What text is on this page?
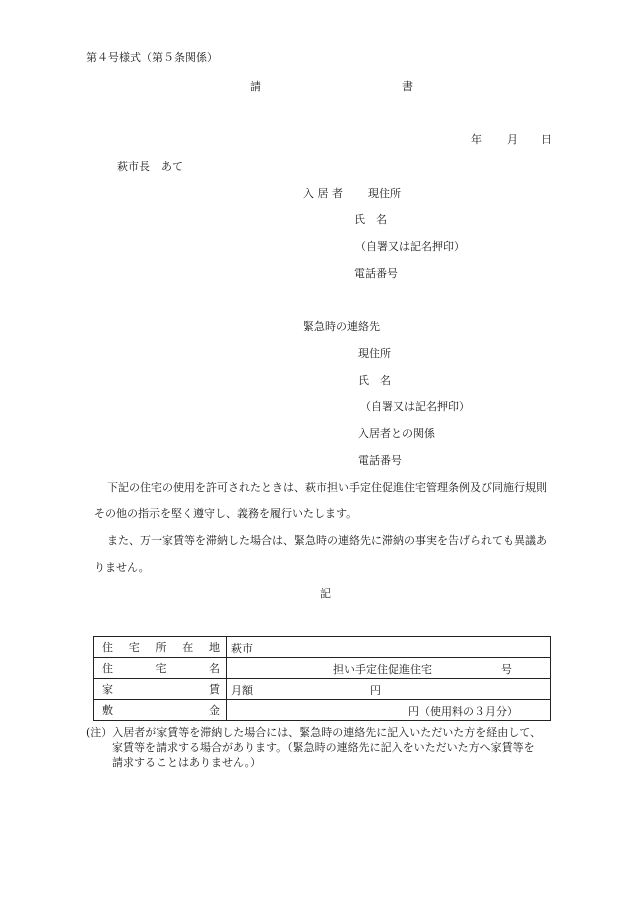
第４号様式（第５条関係）
請	書
年 月 日
萩市長　あて
入 居 者 現住所
氏　名
（自署又は記名押印）
電話番号
緊急時の連絡先
現住所
氏　名
（自署又は記名押印）
入居者との関係
電話番号
下記の住宅の使用を許可されたときは、萩市担い手定住促進住宅管理条例及び同施行規則
その他の指示を堅く遵守し、義務を履行いたします。
また、万一家賃等を滞納した場合は、緊急時の連絡先に滞納の事実を告げられても異議あ
りません。
記
住 宅 所 在 地	萩市

住 宅 名	担い手定住促進住宅 号

家 賃	月額 円

敷 金	円（使用料の３月分）
(注）入居者が家賃等を滞納した場合には、緊急時の連絡先に記入いただいた方を経由して、
家賃等を請求する場合があります。（緊急時の連絡先に記入をいただいた方へ家賃等を
請求することはありません。）
